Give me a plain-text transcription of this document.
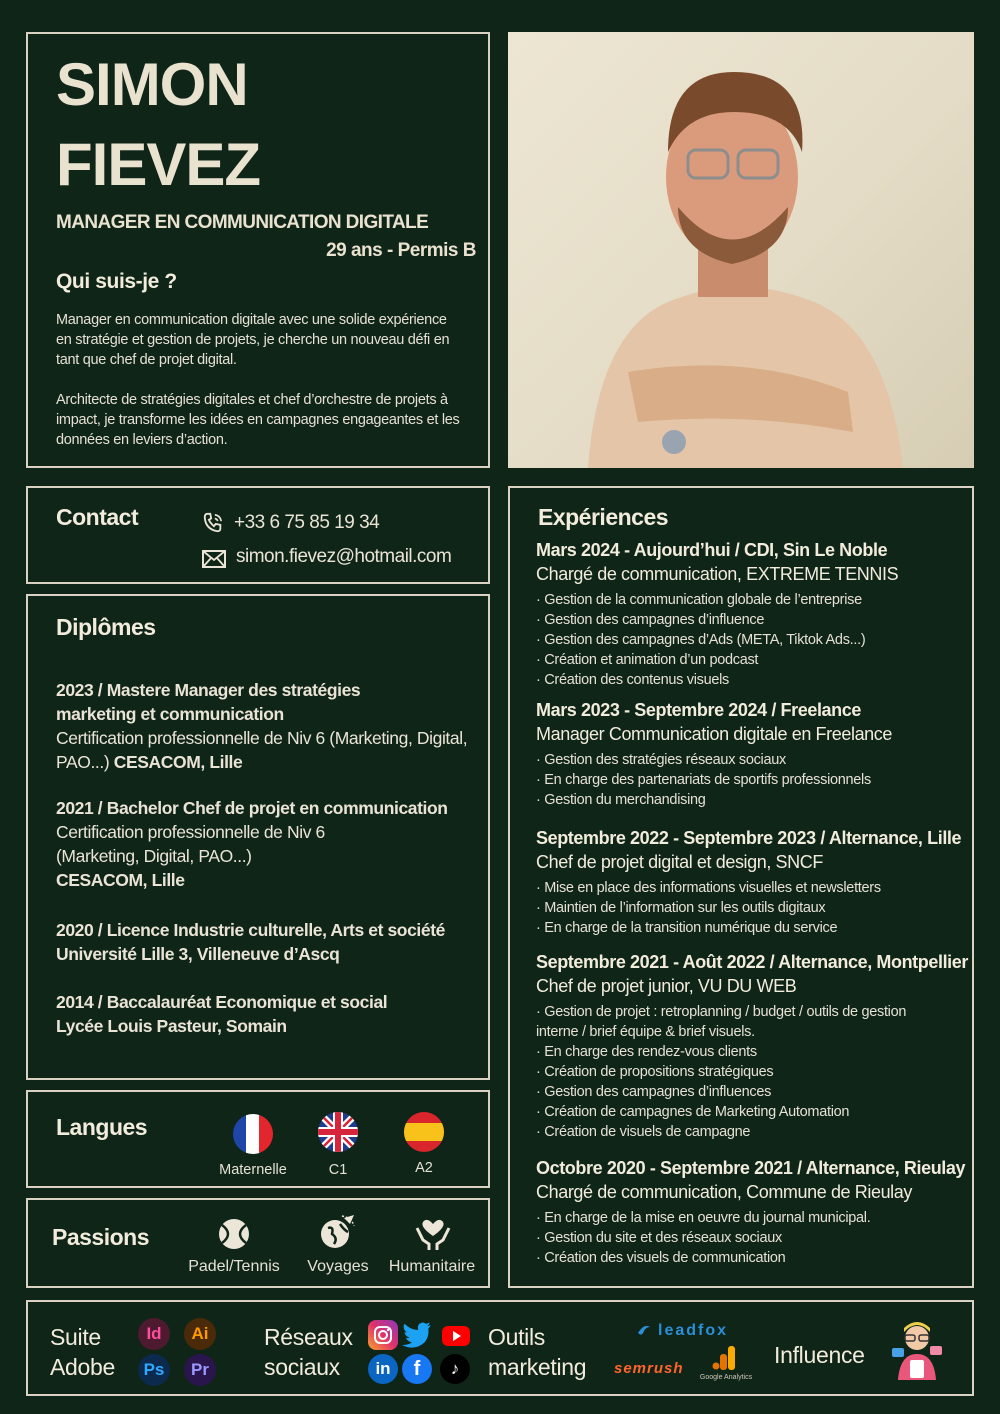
SIMON
FIEVEZ
MANAGER EN COMMUNICATION DIGITALE
29 ans - Permis B
Qui suis-je ?
Manager en communication digitale avec une solide expérience en stratégie et gestion de projets, je cherche un nouveau défi en tant que chef de projet digital.
Architecte de stratégies digitales et chef d’orchestre de projets à impact, je transforme les idées en campagnes engageantes et les données en leviers d’action.
Contact	+33 6 75 85 19 34
simon.fievez@hotmail.com
Diplômes
2023 / Mastere Manager des stratégies marketing et communication
Certification professionnelle de Niv 6 (Marketing, Digital, PAO...) CESACOM, Lille
2021 / Bachelor Chef de projet en communication
Certification professionnelle de Niv 6 (Marketing, Digital, PAO...)
CESACOM, Lille
2020 / Licence Industrie culturelle, Arts et société
Université Lille 3, Villeneuve d’Ascq
2014 / Baccalauréat Economique et social
Lycée Louis Pasteur, Somain
Langues
Maternelle	C1	A2
Passions
Padel/Tennis	Voyages	Humanitaire
Expériences
Mars 2024 - Aujourd’hui / CDI, Sin Le Noble
Chargé de communication, EXTREME TENNIS
· Gestion de la communication globale de l’entreprise
· Gestion des campagnes d’influence
· Gestion des campagnes d’Ads (META, Tiktok Ads...)
· Création et animation d’un podcast
· Création des contenus visuels
Mars 2023 - Septembre 2024 / Freelance
Manager Communication digitale en Freelance
· Gestion des stratégies réseaux sociaux
· En charge des partenariats de sportifs professionnels
· Gestion du merchandising
Septembre 2022 - Septembre 2023 / Alternance, Lille
Chef de projet digital et design, SNCF
· Mise en place des informations visuelles et newsletters
· Maintien de l’information sur les outils digitaux
· En charge de la transition numérique du service
Septembre 2021 - Août 2022 / Alternance, Montpellier
Chef de projet junior, VU DU WEB
· Gestion de projet : retroplanning / budget / outils de gestion interne / brief équipe & brief visuels.
· En charge des rendez-vous clients
· Création de propositions stratégiques
· Gestion des campagnes d’influences
· Création de campagnes de Marketing Automation
· Création de visuels de campagne
Octobre 2020 - Septembre 2021 / Alternance, Rieulay
Chargé de communication, Commune de Rieulay
· En charge de la mise en oeuvre du journal municipal.
· Gestion du site et des réseaux sociaux
· Création des visuels de communication
Suite
Adobe
Id	Ai
Ps	Pr
Réseaux
sociaux	in	f	♪
Outils
marketing
leadfox
semrush
Google Analytics
Influence
